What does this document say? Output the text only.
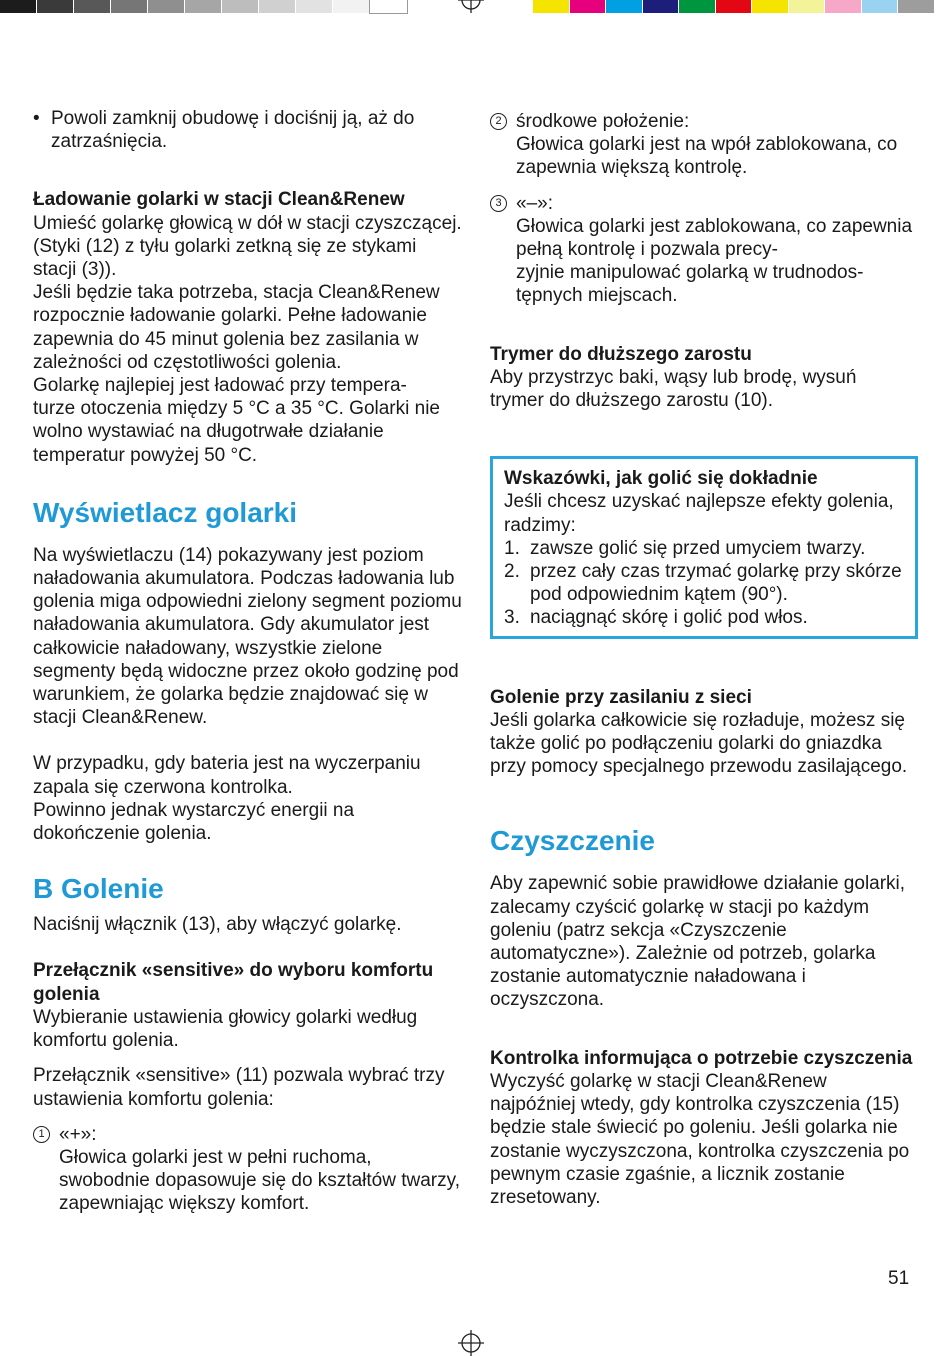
• Powoli zamknij obudowę i dociśnij ją, aż do zatrzaśnięcia.

Ładowanie golarki w stacji Clean&Renew

Umieść golarkę głowicą w dół w stacji czyszczącej. (Styki (12) z tyłu golarki zetkną się ze stykami stacji (3)).
Jeśli będzie taka potrzeba, stacja Clean&Renew rozpocznie ładowanie golarki. Pełne ładowanie zapewnia do 45 minut golenia bez zasilania w zależności od częstotliwości golenia.
Golarkę najlepiej jest ładować przy tempera-
turze otoczenia między 5 °C a 35 °C. Golarki nie wolno wystawiać na długotrwałe działanie temperatur powyżej 50 °C.

Wyświetlacz golarki

Na wyświetlaczu (14) pokazywany jest poziom naładowania akumulatora. Podczas ładowania lub golenia miga odpowiedni zielony segment poziomu naładowania akumulatora. Gdy akumulator jest całkowicie naładowany, wszystkie zielone segmenty będą widoczne przez około godzinę pod warunkiem, że golarka będzie znajdować się w stacji Clean&Renew.

W przypadku, gdy bateria jest na wyczerpaniu zapala się czerwona kontrolka.
Powinno jednak wystarczyć energii na dokończenie golenia.

B Golenie

Naciśnij włącznik (13), aby włączyć golarkę.

Przełącznik «sensitive» do wyboru komfortu golenia

Wybieranie ustawienia głowicy golarki według komfortu golenia.

Przełącznik «sensitive» (11) pozwala wybrać trzy ustawienia komfortu golenia:

1 «+»:

Głowica golarki jest w pełni ruchoma, swobodnie dopasowuje się do kształtów twarzy, zapewniając większy komfort.

2 środkowe położenie:

Głowica golarki jest na wpół zablokowana, co zapewnia większą kontrolę.

3 «–»:

Głowica golarki jest zablokowana, co zapewnia pełną kontrolę i pozwala precy-
zyjnie manipulować golarką w trudnodos-
tępnych miejscach.

Trymer do dłuższego zarostu

Aby przystrzyc baki, wąsy lub brodę, wysuń trymer do dłuższego zarostu (10).

Wskazówki, jak golić się dokładnie

Jeśli chcesz uzyskać najlepsze efekty golenia, radzimy:

1. zawsze golić się przed umyciem twarzy.
2. przez cały czas trzymać golarkę przy skórze pod odpowiednim kątem (90°).
3. naciągnąć skórę i golić pod włos.

Golenie przy zasilaniu z sieci

Jeśli golarka całkowicie się rozładuje, możesz się także golić po podłączeniu golarki do gniazdka przy pomocy specjalnego przewodu zasilającego.

Czyszczenie

Aby zapewnić sobie prawidłowe działanie golarki, zalecamy czyścić golarkę w stacji po każdym goleniu (patrz sekcja «Czyszczenie automatyczne»). Zależnie od potrzeb, golarka zostanie automatycznie naładowana i oczyszczona.

Kontrolka informująca o potrzebie czyszczenia

Wyczyść golarkę w stacji Clean&Renew najpóźniej wtedy, gdy kontrolka czyszczenia (15) będzie stale świecić po goleniu. Jeśli golarka nie zostanie wyczyszczona, kontrolka czyszczenia po pewnym czasie zgaśnie, a licznik zostanie zresetowany.

51
